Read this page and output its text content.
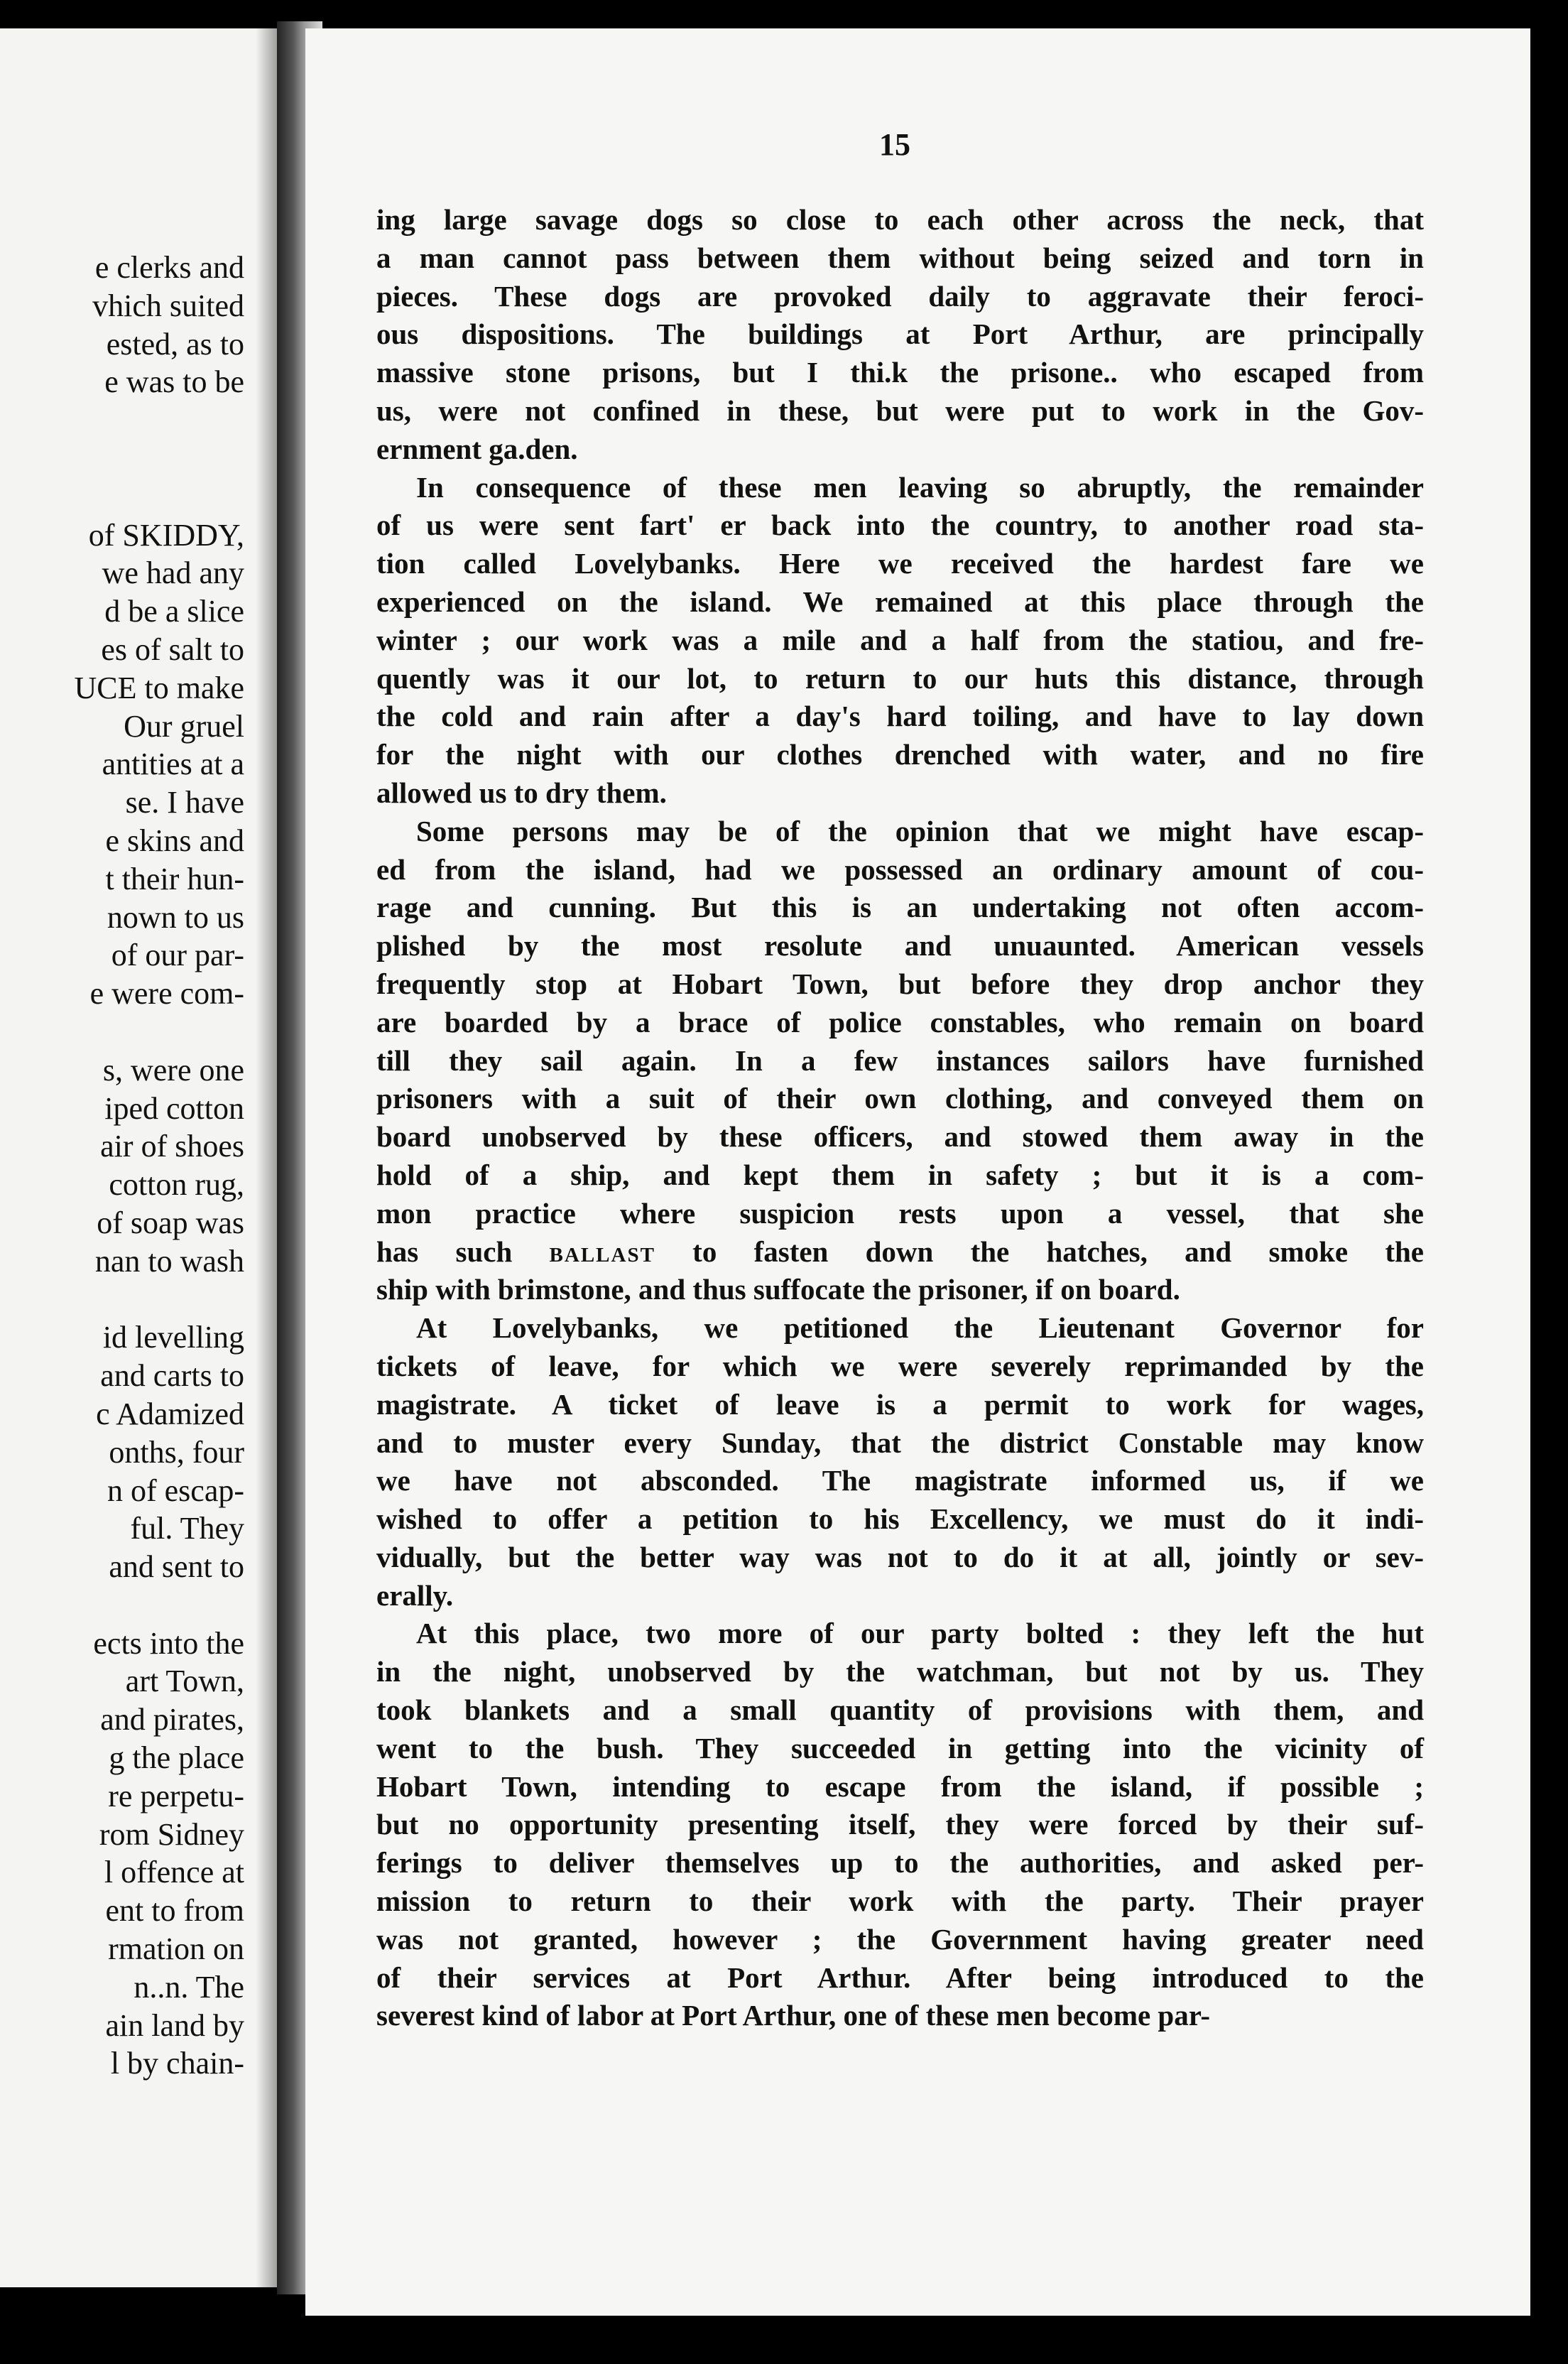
e clerks and
vhich suited
ested, as to
e was to be

of SKIDDY,
we had any
d be a slice
es of salt to
UCE to make
Our gruel
antities at a
se. I have
e skins and
t their hun-
nown to us
of our par-
e were com-

s, were one
iped cotton
air of shoes
cotton rug,
of soap was
nan to wash

id levelling
and carts to
c Adamized
onths, four
n of escap-
ful. They
and sent to

ects into the
art Town,
and pirates,
g the place
re perpetu-
rom Sidney
l offence at
ent to from
rmation on
n..n. The
ain land by
l by chain-
15
ing large savage dogs so close to each other across the neck, that
a man cannot pass between them without being seized and torn in
pieces. These dogs are provoked daily to aggravate their feroci-
ous dispositions. The buildings at Port Arthur, are principally
massive stone prisons, but I thi.k the prisone.. who escaped from
us, were not confined in these, but were put to work in the Gov-
ernment ga.den.
In consequence of these men leaving so abruptly, the remainder
of us were sent fart' er back into the country, to another road sta-
tion called Lovelybanks. Here we received the hardest fare we
experienced on the island. We remained at this place through the
winter ; our work was a mile and a half from the statiou, and fre-
quently was it our lot, to return to our huts this distance, through
the cold and rain after a day's hard toiling, and have to lay down
for the night with our clothes drenched with water, and no fire
allowed us to dry them.
Some persons may be of the opinion that we might have escap-
ed from the island, had we possessed an ordinary amount of cou-
rage and cunning. But this is an undertaking not often accom-
plished by the most resolute and unuaunted. American vessels
frequently stop at Hobart Town, but before they drop anchor they
are boarded by a brace of police constables, who remain on board
till they sail again. In a few instances sailors have furnished
prisoners with a suit of their own clothing, and conveyed them on
board unobserved by these officers, and stowed them away in the
hold of a ship, and kept them in safety ; but it is a com-
mon practice where suspicion rests upon a vessel, that she
has such ballast to fasten down the hatches, and smoke the
ship with brimstone, and thus suffocate the prisoner, if on board.
At Lovelybanks, we petitioned the Lieutenant Governor for
tickets of leave, for which we were severely reprimanded by the
magistrate. A ticket of leave is a permit to work for wages,
and to muster every Sunday, that the district Constable may know
we have not absconded. The magistrate informed us, if we
wished to offer a petition to his Excellency, we must do it indi-
vidually, but the better way was not to do it at all, jointly or sev-
erally.
At this place, two more of our party bolted : they left the hut
in the night, unobserved by the watchman, but not by us. They
took blankets and a small quantity of provisions with them, and
went to the bush. They succeeded in getting into the vicinity of
Hobart Town, intending to escape from the island, if possible ;
but no opportunity presenting itself, they were forced by their suf-
ferings to deliver themselves up to the authorities, and asked per-
mission to return to their work with the party. Their prayer
was not granted, however ; the Government having greater need
of their services at Port Arthur. After being introduced to the
severest kind of labor at Port Arthur, one of these men become par-
